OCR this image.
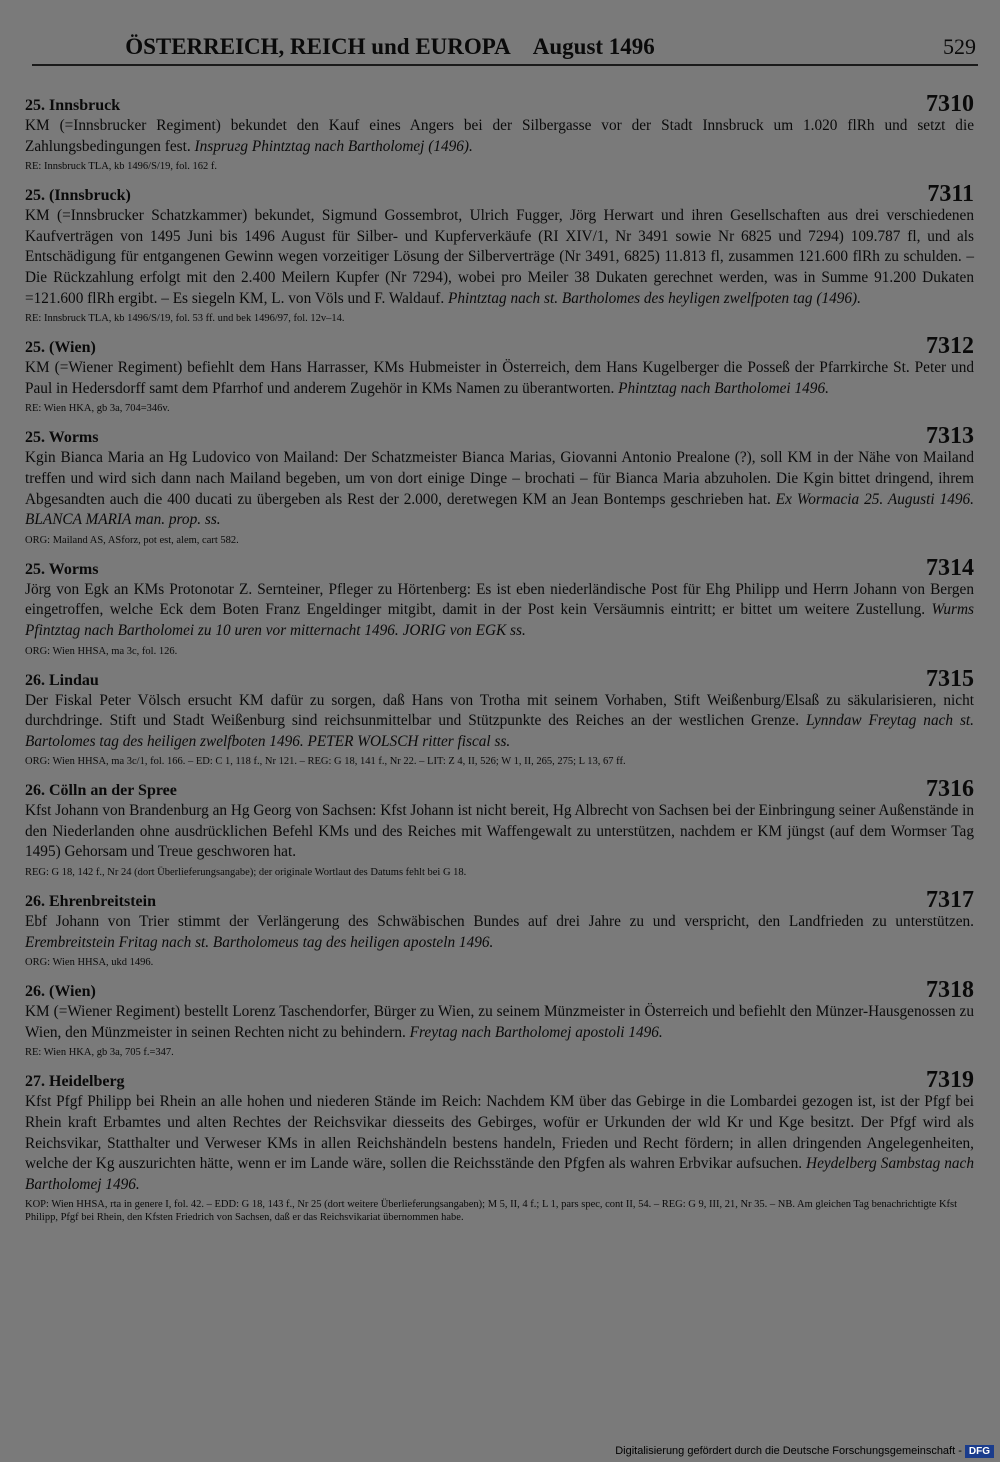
ÖSTERREICH, REICH und EUROPA August 1496	529
25. Innsbruck	7310
KM (=Innsbrucker Regiment) bekundet den Kauf eines Angers bei der Silbergasse vor der Stadt Innsbruck um 1.020 flRh und setzt die Zahlungsbedingungen fest. Inspruгg Phintztag nach Bartholomej (1496).
RE: Innsbruck TLA, kb 1496/S/19, fol. 162 f.
25. (Innsbruck)	7311
KM (=Innsbrucker Schatzkammer) bekundet, Sigmund Gossembrot, Ulrich Fugger, Jörg Herwart und ihren Gesellschaften aus drei verschiedenen Kaufverträgen von 1495 Juni bis 1496 August für Silber- und Kupferverkäufe (RI XIV/1, Nr 3491 sowie Nr 6825 und 7294) 109.787 fl, und als Entschädigung für entgangenen Gewinn wegen vorzeitiger Lösung der Silberverträge (Nr 3491, 6825) 11.813 fl, zusammen 121.600 flRh zu schulden. – Die Rückzahlung erfolgt mit den 2.400 Meilern Kupfer (Nr 7294), wobei pro Meiler 38 Dukaten gerechnet werden, was in Summe 91.200 Dukaten =121.600 flRh ergibt. – Es siegeln KM, L. von Völs und F. Waldauf. Phintztag nach st. Bartholomes des heyligen zwelfpoten tag (1496).
RE: Innsbruck TLA, kb 1496/S/19, fol. 53 ff. und bek 1496/97, fol. 12v–14.
25. (Wien)	7312
KM (=Wiener Regiment) befiehlt dem Hans Harrasser, KMs Hubmeister in Österreich, dem Hans Kugelberger die Posseß der Pfarrkirche St. Peter und Paul in Hedersdorff samt dem Pfarrhof und anderem Zugehör in KMs Namen zu überantworten. Phintztag nach Bartholomei 1496.
RE: Wien HKA, gb 3a, 704=346v.
25. Worms	7313
Kgin Bianca Maria an Hg Ludovico von Mailand: Der Schatzmeister Bianca Marias, Giovanni Antonio Prealone (?), soll KM in der Nähe von Mailand treffen und wird sich dann nach Mailand begeben, um von dort einige Dinge – brochati – für Bianca Maria abzuholen. Die Kgin bittet dringend, ihrem Abgesandten auch die 400 ducati zu übergeben als Rest der 2.000, deretwegen KM an Jean Bontemps geschrieben hat. Ex Wormacia 25. Augusti 1496. BLANCA MARIA man. prop. ss.
ORG: Mailand AS, ASforz, pot est, alem, cart 582.
25. Worms	7314
Jörg von Egk an KMs Protonotar Z. Sernteiner, Pfleger zu Hörtenberg: Es ist eben niederländische Post für Ehg Philipp und Herrn Johann von Bergen eingetroffen, welche Eck dem Boten Franz Engeldinger mitgibt, damit in der Post kein Versäumnis eintritt; er bittet um weitere Zustellung. Wurms Pfintztag nach Bartholomei zu 10 uren vor mitternacht 1496. JORIG von EGK ss.
ORG: Wien HHSA, ma 3c, fol. 126.
26. Lindau	7315
Der Fiskal Peter Völsch ersucht KM dafür zu sorgen, daß Hans von Trotha mit seinem Vorhaben, Stift Weißenburg/Elsaß zu säkularisieren, nicht durchdringe. Stift und Stadt Weißenburg sind reichsunmittelbar und Stützpunkte des Reiches an der westlichen Grenze. Lynndaw Freytag nach st. Bartolomes tag des heiligen zwelfboten 1496. PETER WOLSCH ritter fiscal ss.
ORG: Wien HHSA, ma 3c/1, fol. 166. – ED: C 1, 118 f., Nr 121. – REG: G 18, 141 f., Nr 22. – LIT: Z 4, II, 526; W 1, II, 265, 275; L 13, 67 ff.
26. Cölln an der Spree	7316
Kfst Johann von Brandenburg an Hg Georg von Sachsen: Kfst Johann ist nicht bereit, Hg Albrecht von Sachsen bei der Einbringung seiner Außenstände in den Niederlanden ohne ausdrücklichen Befehl KMs und des Reiches mit Waffengewalt zu unterstützen, nachdem er KM jüngst (auf dem Wormser Tag 1495) Gehorsam und Treue geschworen hat.
REG: G 18, 142 f., Nr 24 (dort Überlieferungsangabe); der originale Wortlaut des Datums fehlt bei G 18.
26. Ehrenbreitstein	7317
Ebf Johann von Trier stimmt der Verlängerung des Schwäbischen Bundes auf drei Jahre zu und verspricht, den Landfrieden zu unterstützen. Erembreitstein Fritag nach st. Bartholomeus tag des heiligen aposteln 1496.
ORG: Wien HHSA, ukd 1496.
26. (Wien)	7318
KM (=Wiener Regiment) bestellt Lorenz Taschendorfer, Bürger zu Wien, zu seinem Münzmeister in Österreich und befiehlt den Münzer-Hausgenossen zu Wien, den Münzmeister in seinen Rechten nicht zu behindern. Freytag nach Bartholomej apostoli 1496.
RE: Wien HKA, gb 3a, 705 f.=347.
27. Heidelberg	7319
Kfst Pfgf Philipp bei Rhein an alle hohen und niederen Stände im Reich: Nachdem KM über das Gebirge in die Lombardei gezogen ist, ist der Pfgf bei Rhein kraft Erbamtes und alten Rechtes der Reichsvikar diesseits des Gebirges, wofür er Urkunden der wld Kr und Kge besitzt. Der Pfgf wird als Reichsvikar, Statthalter und Verweser KMs in allen Reichshändeln bestens handeln, Frieden und Recht fördern; in allen dringenden Angelegenheiten, welche der Kg auszurichten hätte, wenn er im Lande wäre, sollen die Reichsstände den Pfgfen als wahren Erbvikar aufsuchen. Heydelberg Sambstag nach Bartholomej 1496.
KOP: Wien HHSA, rta in genere I, fol. 42. – EDD: G 18, 143 f., Nr 25 (dort weitere Überlieferungsangaben); M 5, II, 4 f.; L 1, pars spec, cont II, 54. – REG: G 9, III, 21, Nr 35. – NB. Am gleichen Tag benachrichtigte Kfst Philipp, Pfgf bei Rhein, den Kfsten Friedrich von Sachsen, daß er das Reichsvikariat übernommen habe.
Digitalisierung gefördert durch die Deutsche Forschungsgemeinschaft - DFG
